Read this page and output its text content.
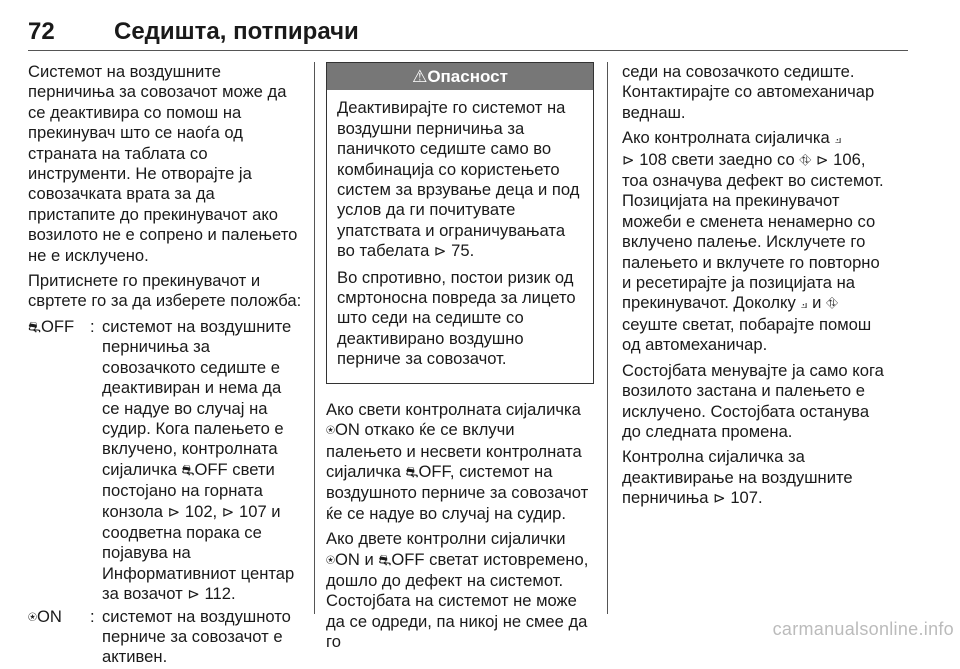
72 Седишта, потпирачи

Системот на воздушните перничиња за совозачот може да се деактивира со помош на прекинувач што се наоѓа од страната на таблата со инструменти. Не отворајте ја совозачката врата за да пристапите до прекинувачот ако возилото не е сопрено и палењето не е исклучено.

Притиснете го прекинувачот и свртете го за да изберете положба:

⛐OFF : системот на воздушните перничиња за совозачкото седиште е деактивиран и нема да се надуе во случај на судир. Кога палењето е вклучено, контролната сијаличка ⛐OFF свети постојано на горната конзола ⊳ 102, ⊳ 107 и соодветна порака се појавува на Информативниот центар за возачот ⊳ 112.
⍟ON	: системот на воздушното перниче за совозачот е активен.
⚠Опасност

Деактивирајте го системот на воздушни перничиња за паничкото седиште само во комбинација со користењето систем за врзување деца и под услов да ги почитувате упатствата и ограничувањата во табелата ⊳ 75.

Во спротивно, постои ризик од смртоносна повреда за лицето што седи на седиште со деактивирано воздушно перниче за совозачот.

Ако свети контролната сијаличка ⍟ON откако ќе се вклучи палењето и несвети контролната сијаличка ⛐OFF, системот на воздушното перниче за совозачот ќе се надуе во случај на судир.

Ако двете контролни сијалички ⍟ON и ⛐OFF светат истовремено, дошло до дефект на системот. Состојбата на системот не може да се одреди, па никој не смее да го

седи на совозачкото седиште. Контактирајте со автомеханичар веднаш.

Ако контролната сијаличка ⟓
⊳ 108 свети заедно со ⛗ ⊳ 106, тоа означува дефект во системот. Позицијата на прекинувачот можеби е сменета ненамерно со вклучено палење. Исклучете го палењето и вклучете го повторно и ресетирајте ја позицијата на прекинувачот. Доколку ⟓ и ⛗ сеуште светат, побарајте помош од автомеханичар.

Состојбата менувајте ја само кога возилото застана и палењето е исклучено. Состојбата останува до следната промена.

Контролна сијаличка за деактивирање на воздушните перничиња ⊳ 107.

carmanualsonline.info
